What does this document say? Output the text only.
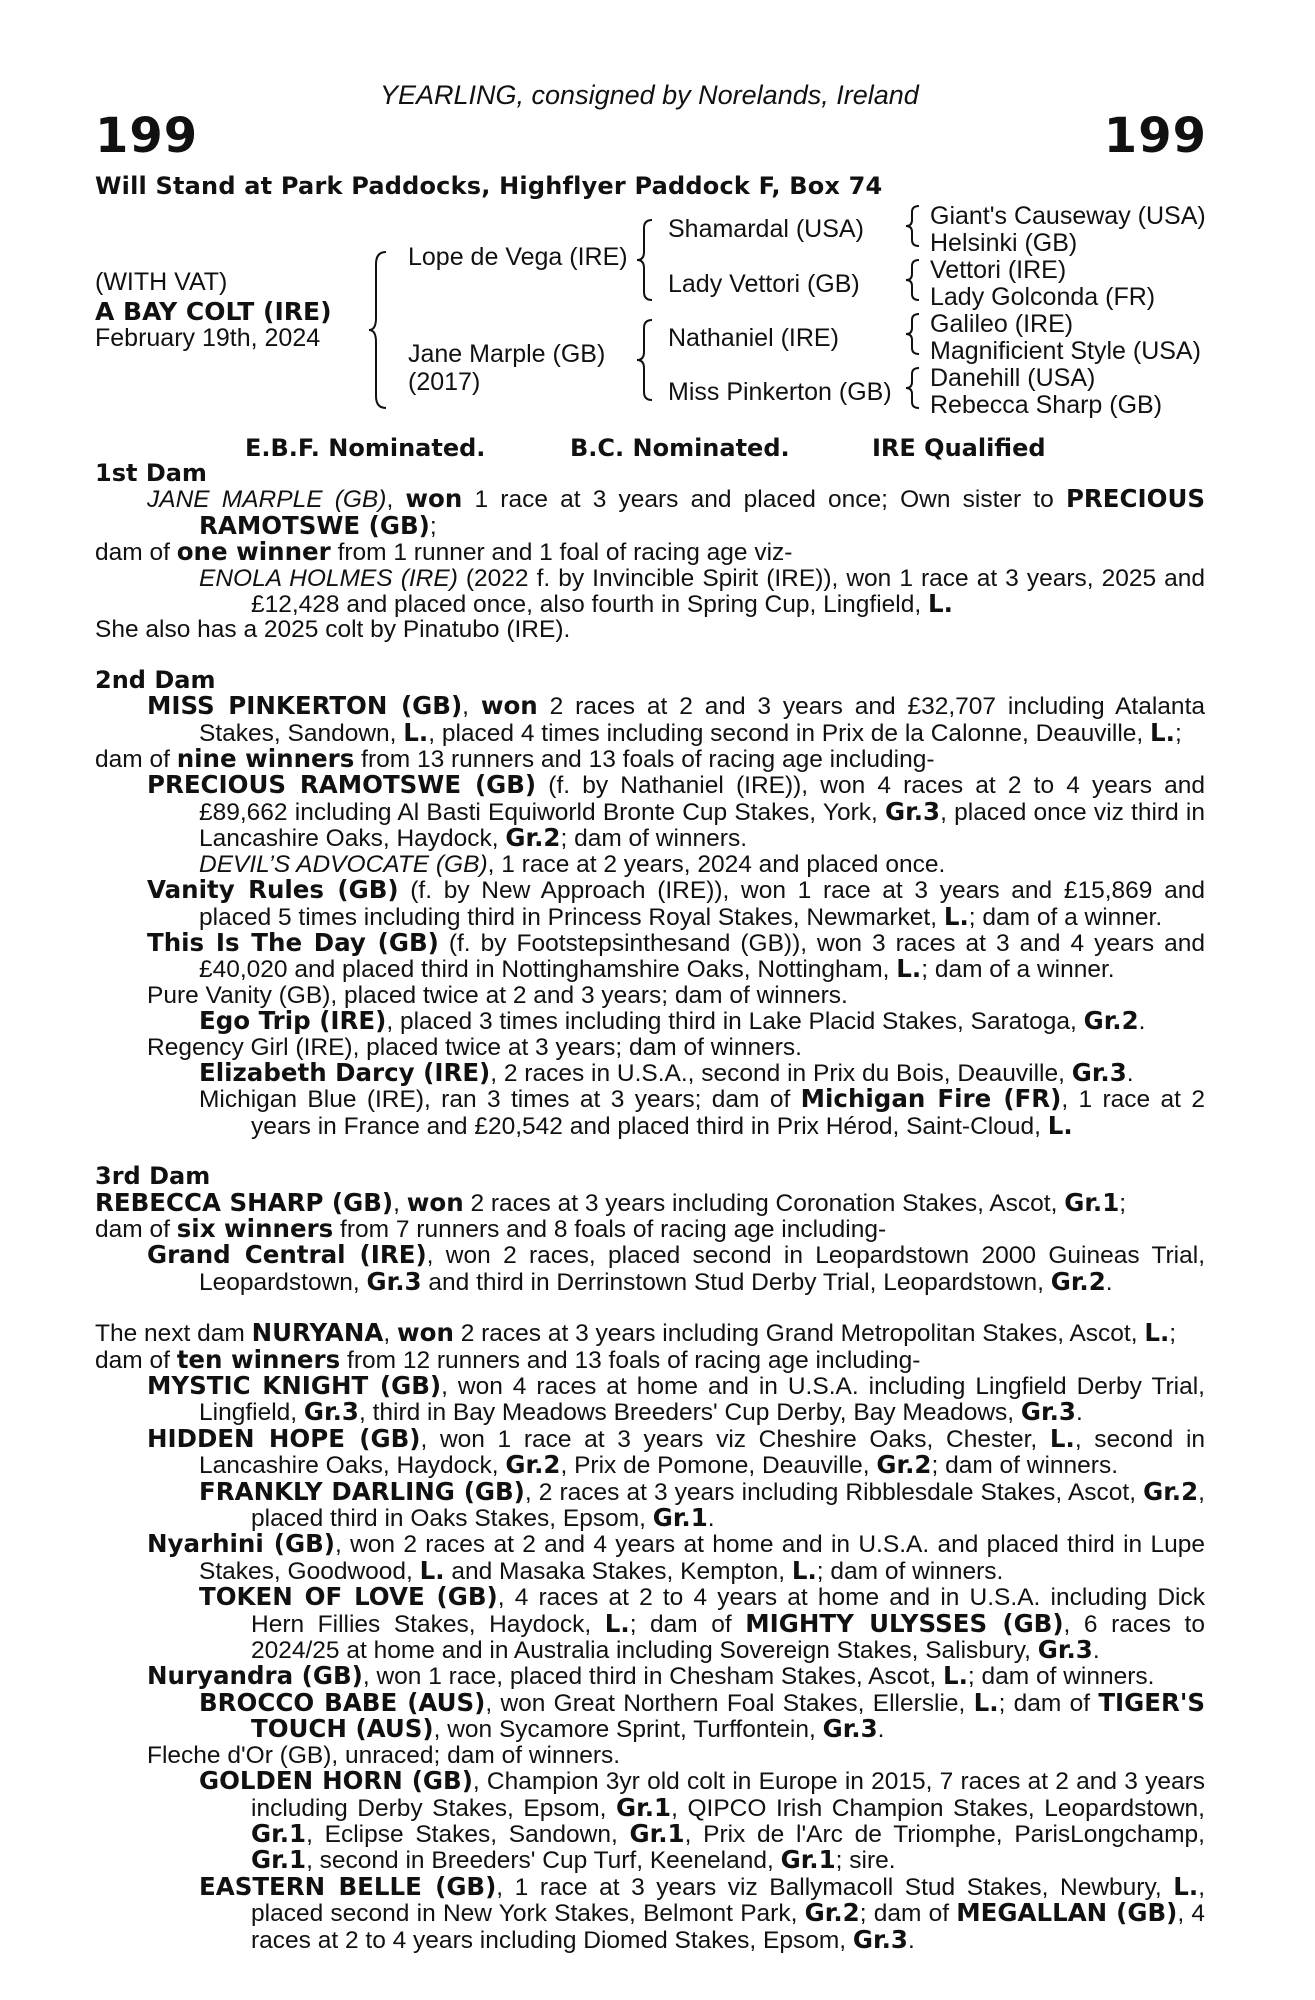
YEARLING, consigned by Norelands, Ireland
199	199
Will Stand at Park Paddocks, Highflyer Paddock F, Box 74
(WITH VAT)
A BAY COLT (IRE)
February 19th, 2024
Lope de Vega (IRE)
Jane Marple (GB)
(2017)
Shamardal (USA)
Lady Vettori (GB)
Nathaniel (IRE)
Miss Pinkerton (GB)
Giant's Causeway (USA)
Helsinki (GB)
Vettori (IRE)
Lady Golconda (FR)
Galileo (IRE)
Magnificient Style (USA)
Danehill (USA)
Rebecca Sharp (GB)
E.B.F. Nominated.	B.C. Nominated.	IRE Qualified
1st Dam
JANE MARPLE (GB), won 1 race at 3 years and placed once; Own sister to PRECIOUS RAMOTSWE (GB);
dam of one winner from 1 runner and 1 foal of racing age viz-
ENOLA HOLMES (IRE) (2022 f. by Invincible Spirit (IRE)), won 1 race at 3 years, 2025 and £12,428 and placed once, also fourth in Spring Cup, Lingfield, L.
She also has a 2025 colt by Pinatubo (IRE).
2nd Dam
MISS PINKERTON (GB), won 2 races at 2 and 3 years and £32,707 including Atalanta Stakes, Sandown, L., placed 4 times including second in Prix de la Calonne, Deauville, L.;
dam of nine winners from 13 runners and 13 foals of racing age including-
PRECIOUS RAMOTSWE (GB) (f. by Nathaniel (IRE)), won 4 races at 2 to 4 years and £89,662 including Al Basti Equiworld Bronte Cup Stakes, York, Gr.3, placed once viz third in Lancashire Oaks, Haydock, Gr.2; dam of winners.
DEVIL’S ADVOCATE (GB), 1 race at 2 years, 2024 and placed once.
Vanity Rules (GB) (f. by New Approach (IRE)), won 1 race at 3 years and £15,869 and placed 5 times including third in Princess Royal Stakes, Newmarket, L.; dam of a winner.
This Is The Day (GB) (f. by Footstepsinthesand (GB)), won 3 races at 3 and 4 years and £40,020 and placed third in Nottinghamshire Oaks, Nottingham, L.; dam of a winner.
Pure Vanity (GB), placed twice at 2 and 3 years; dam of winners.
Ego Trip (IRE), placed 3 times including third in Lake Placid Stakes, Saratoga, Gr.2.
Regency Girl (IRE), placed twice at 3 years; dam of winners.
Elizabeth Darcy (IRE), 2 races in U.S.A., second in Prix du Bois, Deauville, Gr.3.
Michigan Blue (IRE), ran 3 times at 3 years; dam of Michigan Fire (FR), 1 race at 2 years in France and £20,542 and placed third in Prix Hérod, Saint-Cloud, L.
3rd Dam
REBECCA SHARP (GB), won 2 races at 3 years including Coronation Stakes, Ascot, Gr.1;
dam of six winners from 7 runners and 8 foals of racing age including-
Grand Central (IRE), won 2 races, placed second in Leopardstown 2000 Guineas Trial, Leopardstown, Gr.3 and third in Derrinstown Stud Derby Trial, Leopardstown, Gr.2.
The next dam NURYANA, won 2 races at 3 years including Grand Metropolitan Stakes, Ascot, L.;
dam of ten winners from 12 runners and 13 foals of racing age including-
MYSTIC KNIGHT (GB), won 4 races at home and in U.S.A. including Lingfield Derby Trial, Lingfield, Gr.3, third in Bay Meadows Breeders' Cup Derby, Bay Meadows, Gr.3.
HIDDEN HOPE (GB), won 1 race at 3 years viz Cheshire Oaks, Chester, L., second in Lancashire Oaks, Haydock, Gr.2, Prix de Pomone, Deauville, Gr.2; dam of winners.
FRANKLY DARLING (GB), 2 races at 3 years including Ribblesdale Stakes, Ascot, Gr.2, placed third in Oaks Stakes, Epsom, Gr.1.
Nyarhini (GB), won 2 races at 2 and 4 years at home and in U.S.A. and placed third in Lupe Stakes, Goodwood, L. and Masaka Stakes, Kempton, L.; dam of winners.
TOKEN OF LOVE (GB), 4 races at 2 to 4 years at home and in U.S.A. including Dick Hern Fillies Stakes, Haydock, L.; dam of MIGHTY ULYSSES (GB), 6 races to 2024/25 at home and in Australia including Sovereign Stakes, Salisbury, Gr.3.
Nuryandra (GB), won 1 race, placed third in Chesham Stakes, Ascot, L.; dam of winners.
BROCCO BABE (AUS), won Great Northern Foal Stakes, Ellerslie, L.; dam of TIGER'S TOUCH (AUS), won Sycamore Sprint, Turffontein, Gr.3.
Fleche d'Or (GB), unraced; dam of winners.
GOLDEN HORN (GB), Champion 3yr old colt in Europe in 2015, 7 races at 2 and 3 years including Derby Stakes, Epsom, Gr.1, QIPCO Irish Champion Stakes, Leopardstown, Gr.1, Eclipse Stakes, Sandown, Gr.1, Prix de l'Arc de Triomphe, ParisLongchamp, Gr.1, second in Breeders' Cup Turf, Keeneland, Gr.1; sire.
EASTERN BELLE (GB), 1 race at 3 years viz Ballymacoll Stud Stakes, Newbury, L., placed second in New York Stakes, Belmont Park, Gr.2; dam of MEGALLAN (GB), 4 races at 2 to 4 years including Diomed Stakes, Epsom, Gr.3.
